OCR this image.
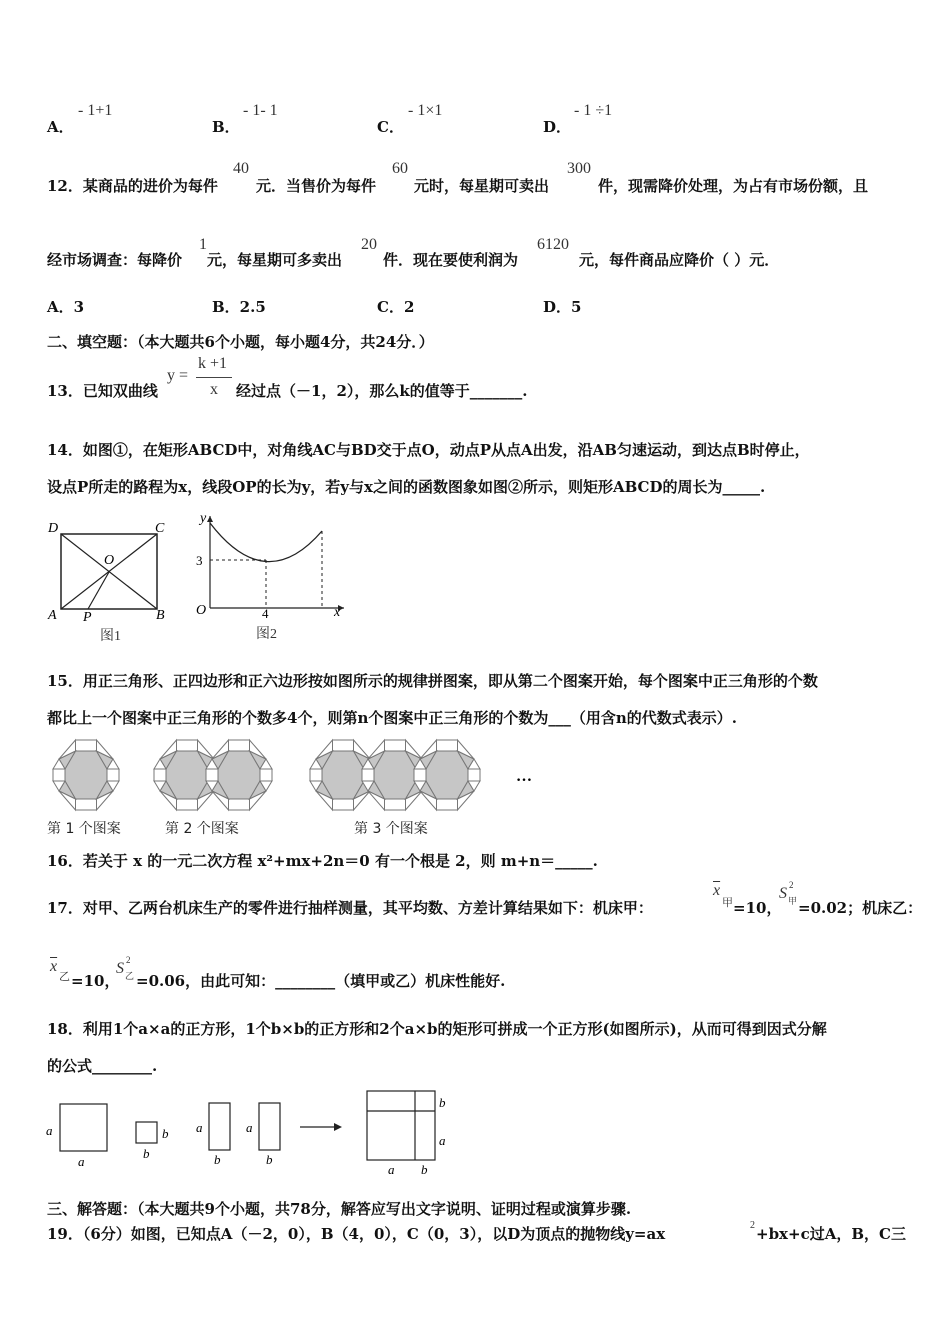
A．
- 1+1
B．
- 1- 1
C．
- 1×1
D．
- 1 ÷1
12．某商品的进价为每件
40
元．当售价为每件
60
元时，每星期可卖出
300
件，现需降价处理，为占有市场份额，且
经市场调查：每降价
1
元，每星期可多卖出
20
件．现在要使利润为
6120
元，每件商品应降价（ ）元．
A．3	B．2.5	C．2	D．5
二、填空题：（本大题共6个小题，每小题4分，共24分．）
13．已知双曲线
y =
k +1
x 经过点（－1，2），那么k的值等于_______.
14．如图①，在矩形ABCD中，对角线AC与BD交于点O，动点P从点A出发，沿AB匀速运动，到达点B时停止，
设点P所走的路程为x，线段OP的长为y，若y与x之间的函数图象如图②所示，则矩形ABCD的周长为_____.
D	C
O
A P	B
图1
y
3
O	4	x
图2
15．用正三角形、正四边形和正六边形按如图所示的规律拼图案，即从第二个图案开始，每个图案中正三角形的个数
都比上一个图案中正三角形的个数多4个，则第n个图案中正三角形的个数为___（用含n的代数式表示）.
…
第 1 个图案	第 2 个图案	第 3 个图案
16．若关于 x 的一元二次方程 x²+mx+2n＝0 有一个根是 2，则 m+n＝_____.
17．对甲、乙两台机床生产的零件进行抽样测量，其平均数、方差计算结果如下：机床甲：
$\overline{x}$
甲 =10，
S 2
甲 =0.02；机床乙：
$\overline{x}$
乙 =10，
S 2
乙 =0.06，由此可知：________（填甲或乙）机床性能好.
18．利用1个a×a的正方形，1个b×b的正方形和2个a×b的矩形可拼成一个正方形(如图所示)，从而可得到因式分解
的公式________.
a
a
b
b
a
b
a
b
b
a
a b
三、解答题：（本大题共9个小题，共78分，解答应写出文字说明、证明过程或演算步骤.
19．（6分）如图，已知点A（－2，0），B（4，0），C（0，3），以D为顶点的抛物线y=ax	2 +bx+c过A，B，C三
